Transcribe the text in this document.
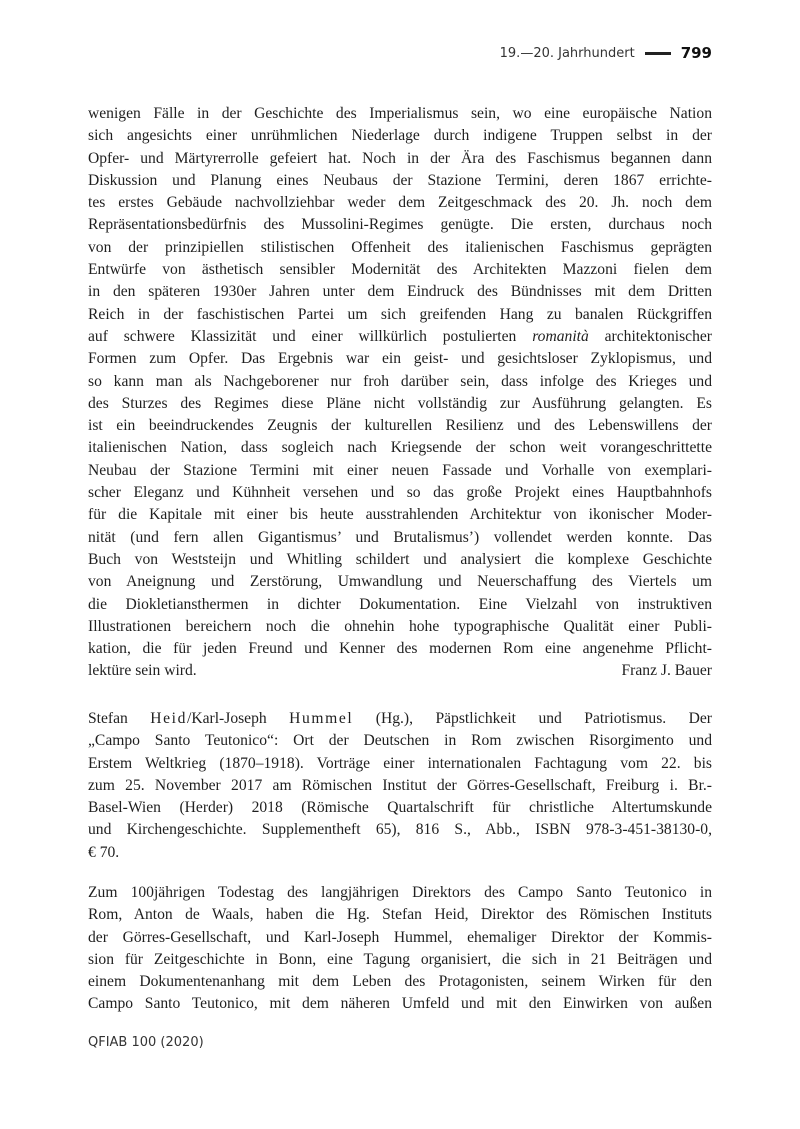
19.—20. Jahrhundert	799
wenigen Fälle in der Geschichte des Imperialismus sein, wo eine europäische Nation
sich angesichts einer unrühmlichen Niederlage durch indigene Truppen selbst in der
Opfer- und Märtyrerrolle gefeiert hat. Noch in der Ära des Faschismus begannen dann
Diskussion und Planung eines Neubaus der Stazione Termini, deren 1867 errichte-
tes erstes Gebäude nachvollziehbar weder dem Zeitgeschmack des 20. Jh. noch dem
Repräsentationsbedürfnis des Mussolini-Regimes genügte. Die ersten, durchaus noch
von der prinzipiellen stilistischen Offenheit des italienischen Faschismus geprägten
Entwürfe von ästhetisch sensibler Modernität des Architekten Mazzoni fielen dem
in den späteren 1930er Jahren unter dem Eindruck des Bündnisses mit dem Dritten
Reich in der faschistischen Partei um sich greifenden Hang zu banalen Rückgriffen
auf schwere Klassizität und einer willkürlich postulierten romanità architektonischer
Formen zum Opfer. Das Ergebnis war ein geist- und gesichtsloser Zyklopismus, und
so kann man als Nachgeborener nur froh darüber sein, dass infolge des Krieges und
des Sturzes des Regimes diese Pläne nicht vollständig zur Ausführung gelangten. Es
ist ein beeindruckendes Zeugnis der kulturellen Resilienz und des Lebenswillens der
italienischen Nation, dass sogleich nach Kriegsende der schon weit vorangeschrittette
Neubau der Stazione Termini mit einer neuen Fassade und Vorhalle von exemplari-
scher Eleganz und Kühnheit versehen und so das große Projekt eines Hauptbahnhofs
für die Kapitale mit einer bis heute ausstrahlenden Architektur von ikonischer Moder-
nität (und fern allen Gigantismus’ und Brutalismus’) vollendet werden konnte. Das
Buch von Weststeijn und Whitling schildert und analysiert die komplexe Geschichte
von Aneignung und Zerstörung, Umwandlung und Neuerschaffung des Viertels um
die Diokletiansthermen in dichter Dokumentation. Eine Vielzahl von instruktiven
Illustrationen bereichern noch die ohnehin hohe typographische Qualität einer Publi-
kation, die für jeden Freund und Kenner des modernen Rom eine angenehme Pflicht-
lektüre sein wird.	Franz J. Bauer
Stefan Heid/Karl-Joseph Hummel (Hg.), Päpstlichkeit und Patriotismus. Der
„Campo Santo Teutonico“: Ort der Deutschen in Rom zwischen Risorgimento und
Erstem Weltkrieg (1870–1918). Vorträge einer internationalen Fachtagung vom 22. bis
zum 25. November 2017 am Römischen Institut der Görres-Gesellschaft, Freiburg i. Br.-
Basel-Wien (Herder) 2018 (Römische Quartalschrift für christliche Altertumskunde
und Kirchengeschichte. Supplementheft 65), 816 S., Abb., ISBN 978-3-451-38130-0,
€ 70.
Zum 100jährigen Todestag des langjährigen Direktors des Campo Santo Teutonico in
Rom, Anton de Waals, haben die Hg. Stefan Heid, Direktor des Römischen Instituts
der Görres-Gesellschaft, und Karl-Joseph Hummel, ehemaliger Direktor der Kommis-
sion für Zeitgeschichte in Bonn, eine Tagung organisiert, die sich in 21 Beiträgen und
einem Dokumentenanhang mit dem Leben des Protagonisten, seinem Wirken für den
Campo Santo Teutonico, mit dem näheren Umfeld und mit den Einwirken von außen
QFIAB 100 (2020)
